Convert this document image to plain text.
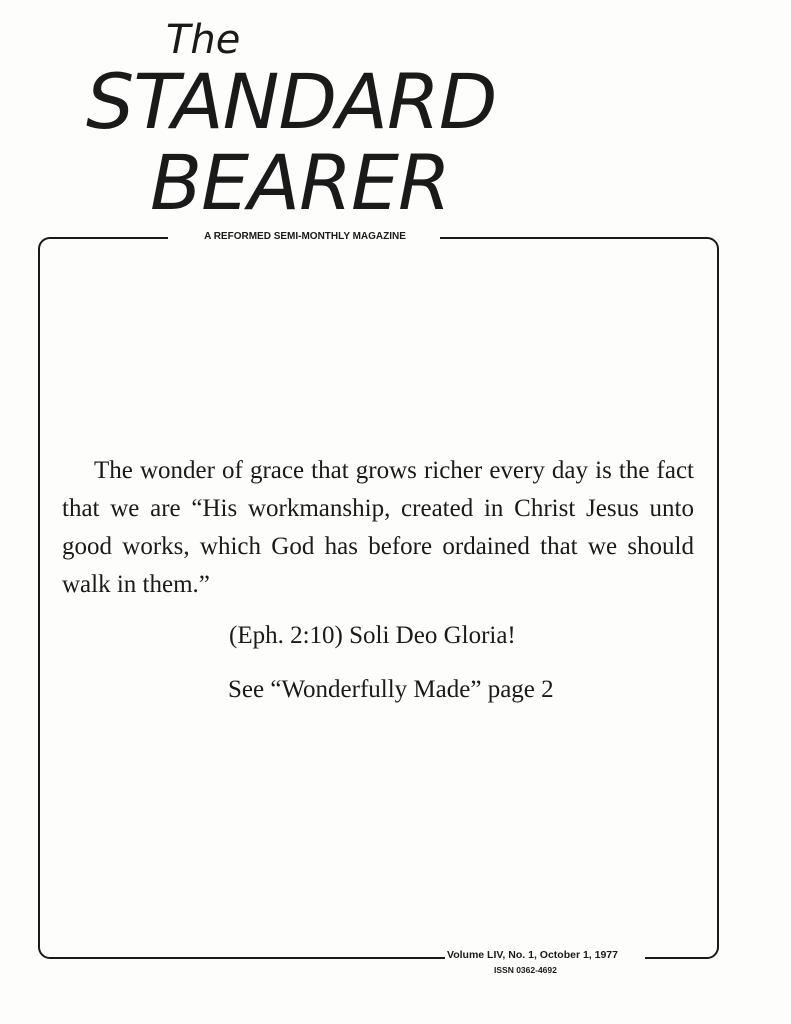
The
STANDARD
BEARER
A REFORMED SEMI-MONTHLY MAGAZINE

The wonder of grace that grows richer every day is the fact that we are “His workmanship, created in Christ Jesus unto good works, which God has before ordained that we should walk in them.”

(Eph. 2:10) Soli Deo Gloria!
See “Wonderfully Made” page 2
Volume LIV, No. 1, October 1, 1977
ISSN 0362-4692
